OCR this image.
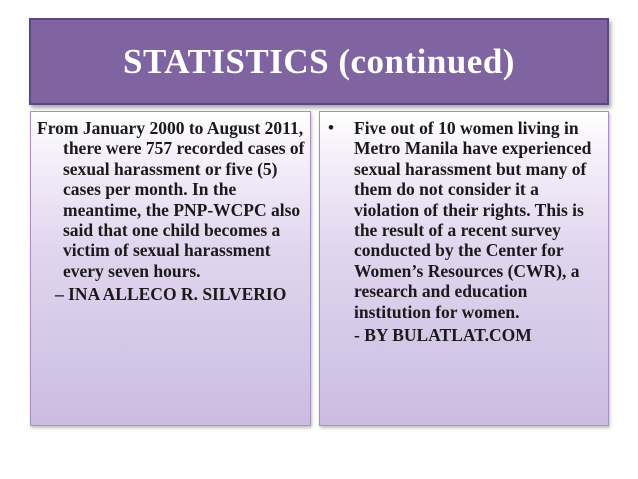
STATISTICS (continued)

From January 2000 to August 2011, there were 757 recorded cases of sexual harassment or five (5) cases per month. In the meantime, the PNP-WCPC also said that one child becomes a victim of sexual harassment every seven hours.

– INA ALLECO R. SILVERIO

•	Five out of 10 women living in Metro Manila have experienced sexual harassment but many of them do not consider it a violation of their rights. This is the result of a recent survey conducted by the Center for Women’s Resources (CWR), a research and education institution for women.

- BY BULATLAT.COM
